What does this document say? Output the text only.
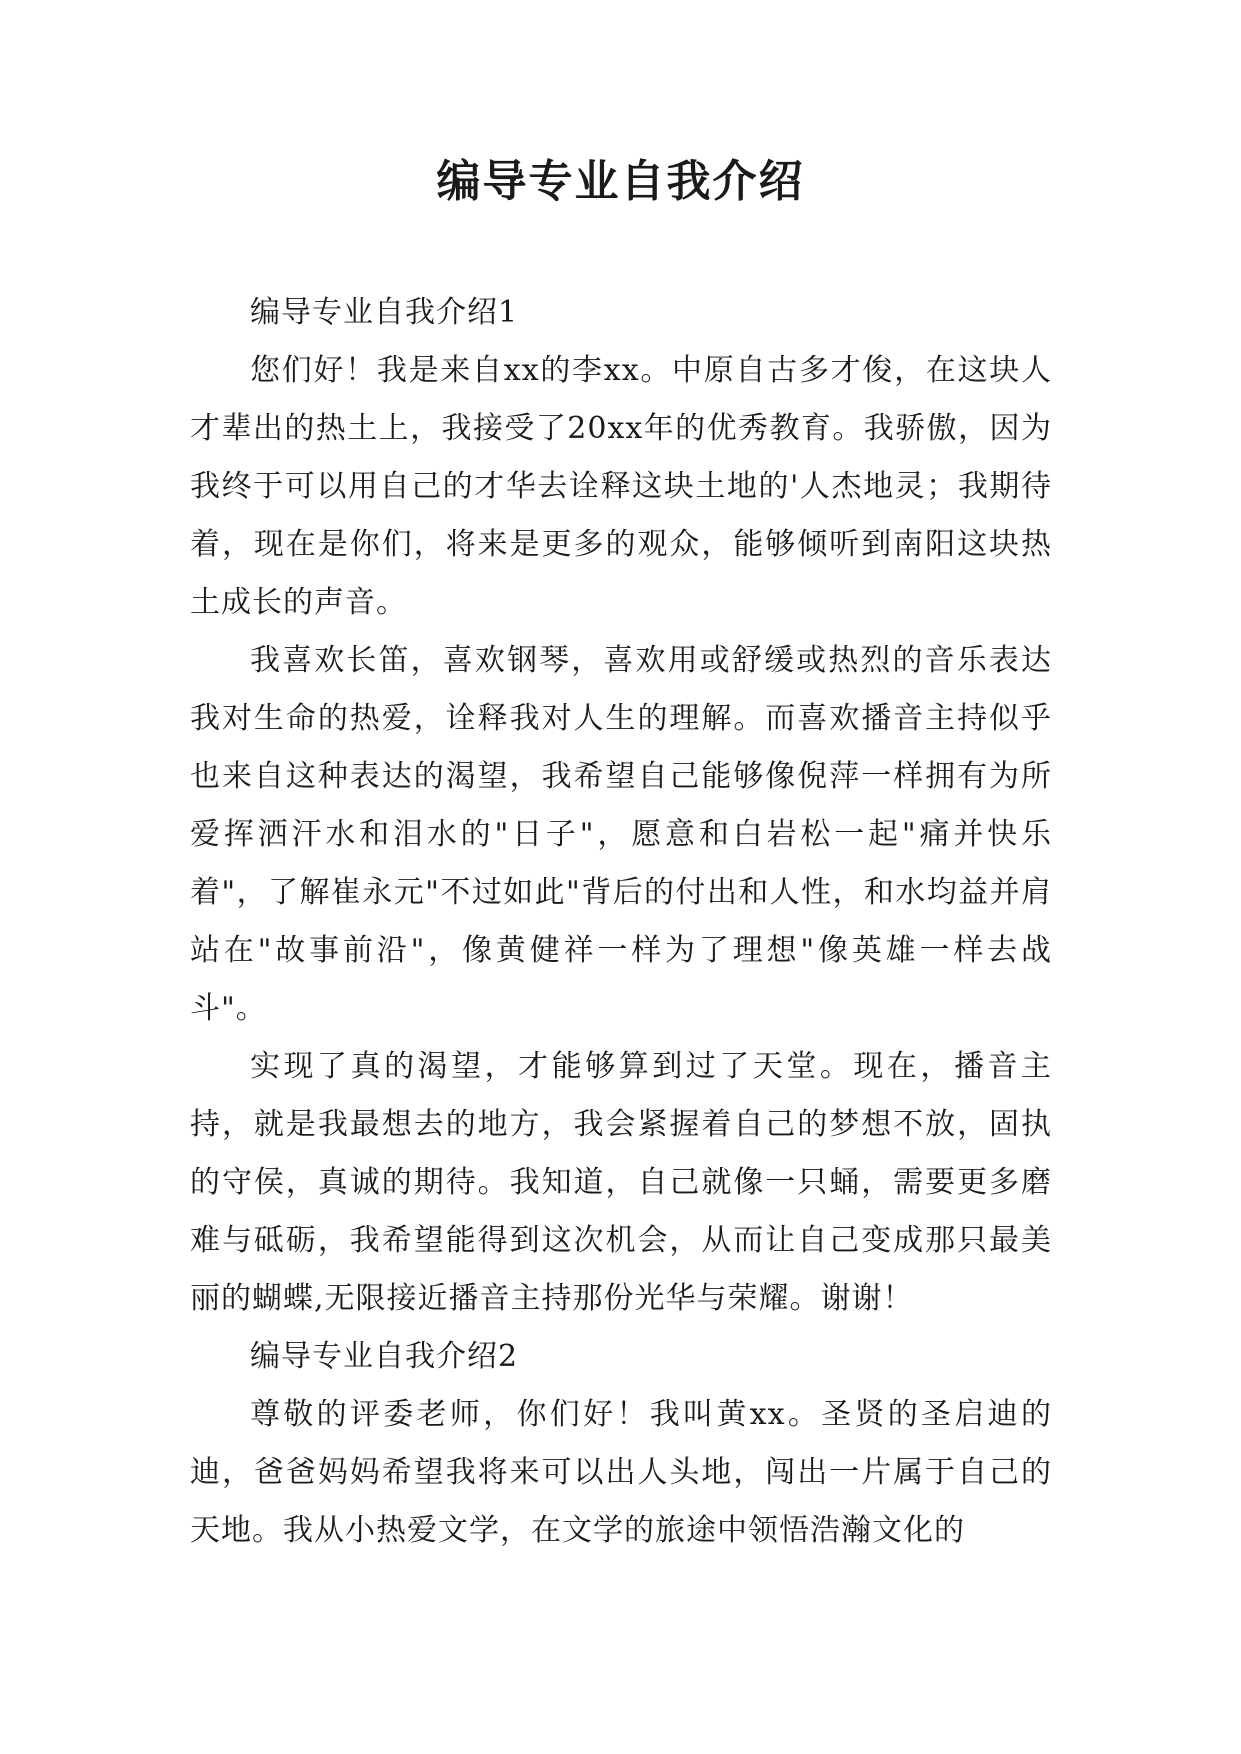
编导专业自我介绍

编导专业自我介绍1

您们好！我是来自xx的李xx。中原自古多才俊，在这块人才辈出的热土上，我接受了20xx年的优秀教育。我骄傲，因为我终于可以用自己的才华去诠释这块土地的'人杰地灵；我期待着，现在是你们，将来是更多的观众，能够倾听到南阳这块热土成长的声音。

我喜欢长笛，喜欢钢琴，喜欢用或舒缓或热烈的音乐表达我对生命的热爱，诠释我对人生的理解。而喜欢播音主持似乎也来自这种表达的渴望，我希望自己能够像倪萍一样拥有为所爱挥洒汗水和泪水的"日子"，愿意和白岩松一起"痛并快乐着"，了解崔永元"不过如此"背后的付出和人性，和水均益并肩站在"故事前沿"，像黄健祥一样为了理想"像英雄一样去战斗"。

实现了真的渴望，才能够算到过了天堂。现在，播音主持，就是我最想去的地方，我会紧握着自己的梦想不放，固执的守侯，真诚的期待。我知道，自己就像一只蛹，需要更多磨难与砥砺，我希望能得到这次机会，从而让自己变成那只最美丽的蝴蝶,无限接近播音主持那份光华与荣耀。谢谢！

编导专业自我介绍2

尊敬的评委老师，你们好！我叫黄xx。圣贤的圣启迪的迪，爸爸妈妈希望我将来可以出人头地，闯出一片属于自己的天地。我从小热爱文学，在文学的旅途中领悟浩瀚文化的
